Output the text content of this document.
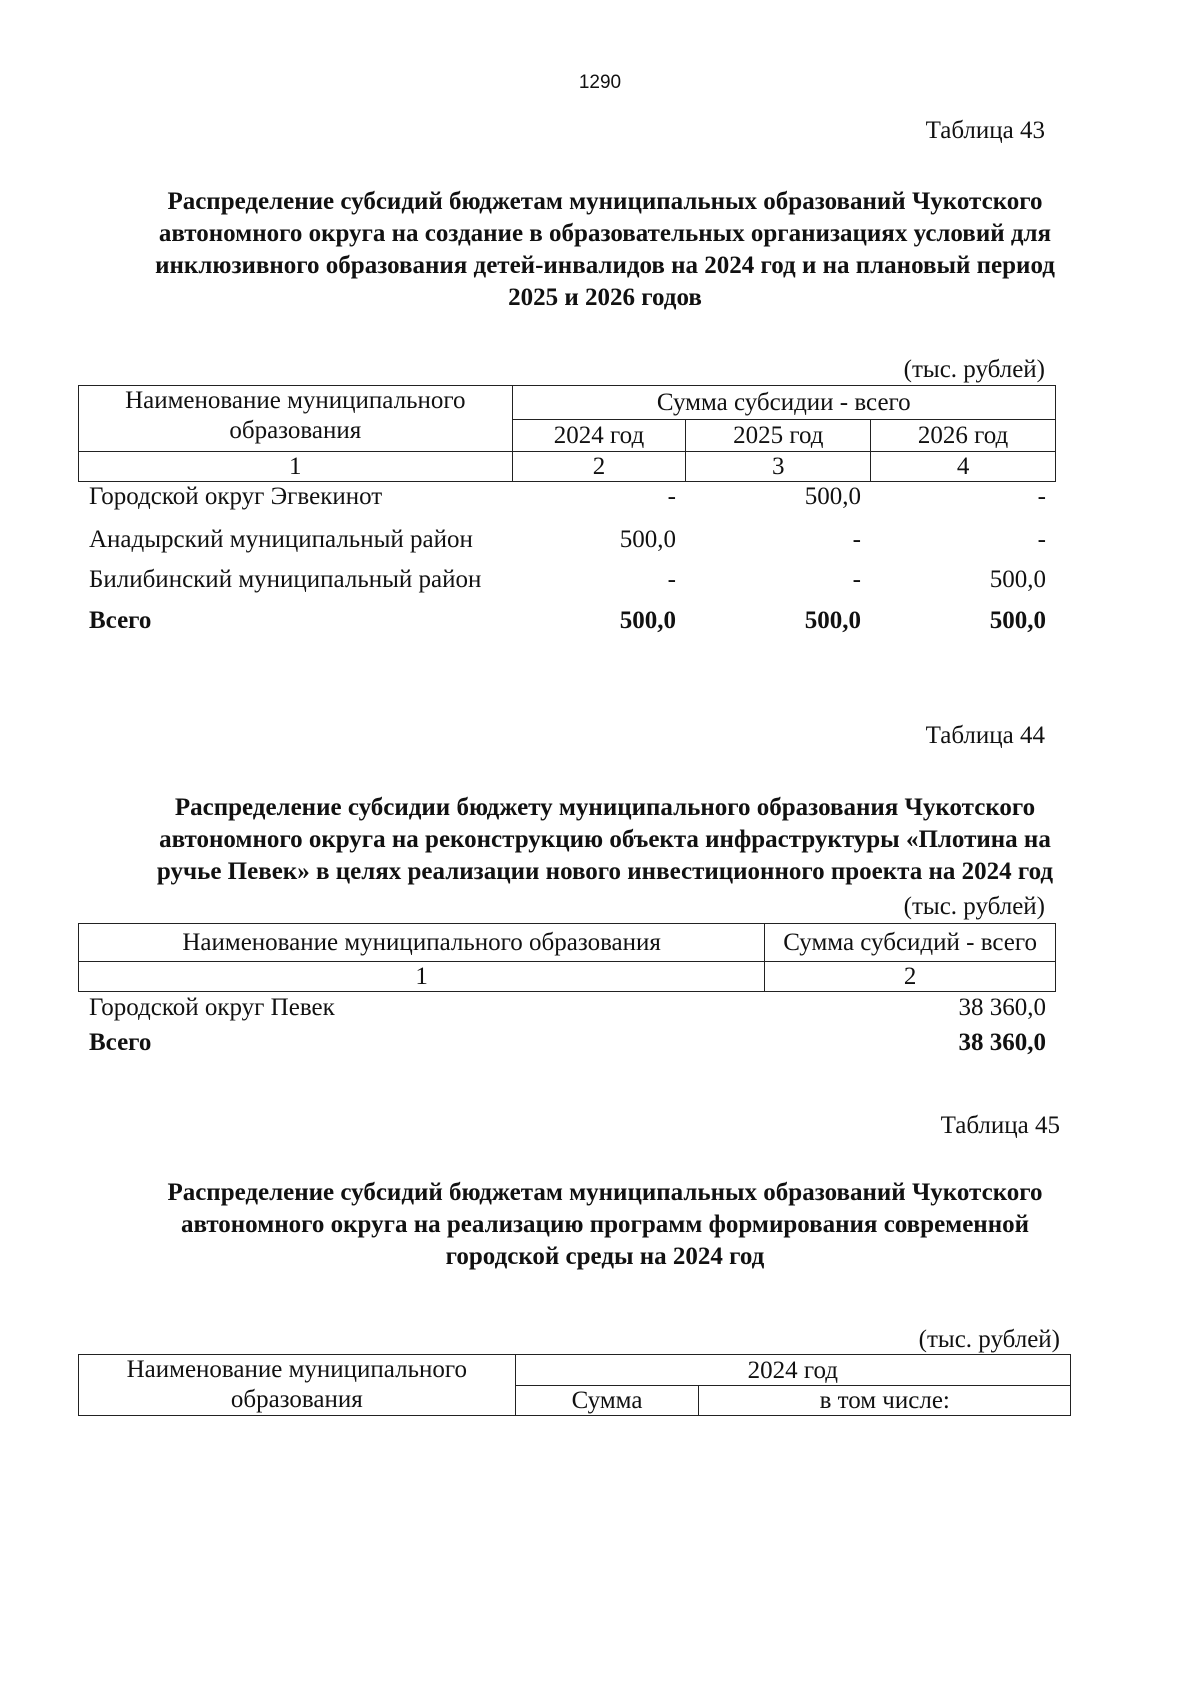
1290
Таблица 43
Распределение субсидий бюджетам муниципальных образований Чукотского
автономного округа на создание в образовательных организациях условий для
инклюзивного образования детей-инвалидов на 2024 год и на плановый период
2025 и 2026 годов
(тыс. рублей)
Наименование муниципального
образования	Сумма субсидии - всего		
	2024 год	2025 год	2026 год
1	2	3	4
Городской округ Эгвекинот	-	500,0	-
Анадырский муниципальный район	500,0	-	-
Билибинский муниципальный район	-	-	500,0
Всего	500,0	500,0	500,0
Таблица 44
Распределение субсидии бюджету муниципального образования Чукотского
автономного округа на реконструкцию объекта инфраструктуры «Плотина на
ручье Певек» в целях реализации нового инвестиционного проекта на 2024 год
(тыс. рублей)
Наименование муниципального образования	Сумма субсидий - всего
1	2
Городской округ Певек	38 360,0
Всего	38 360,0
Таблица 45
Распределение субсидий бюджетам муниципальных образований Чукотского
автономного округа на реализацию программ формирования современной
городской среды на 2024 год
(тыс. рублей)
Наименование муниципального
образования	2024 год	
	Сумма	в том числе:
